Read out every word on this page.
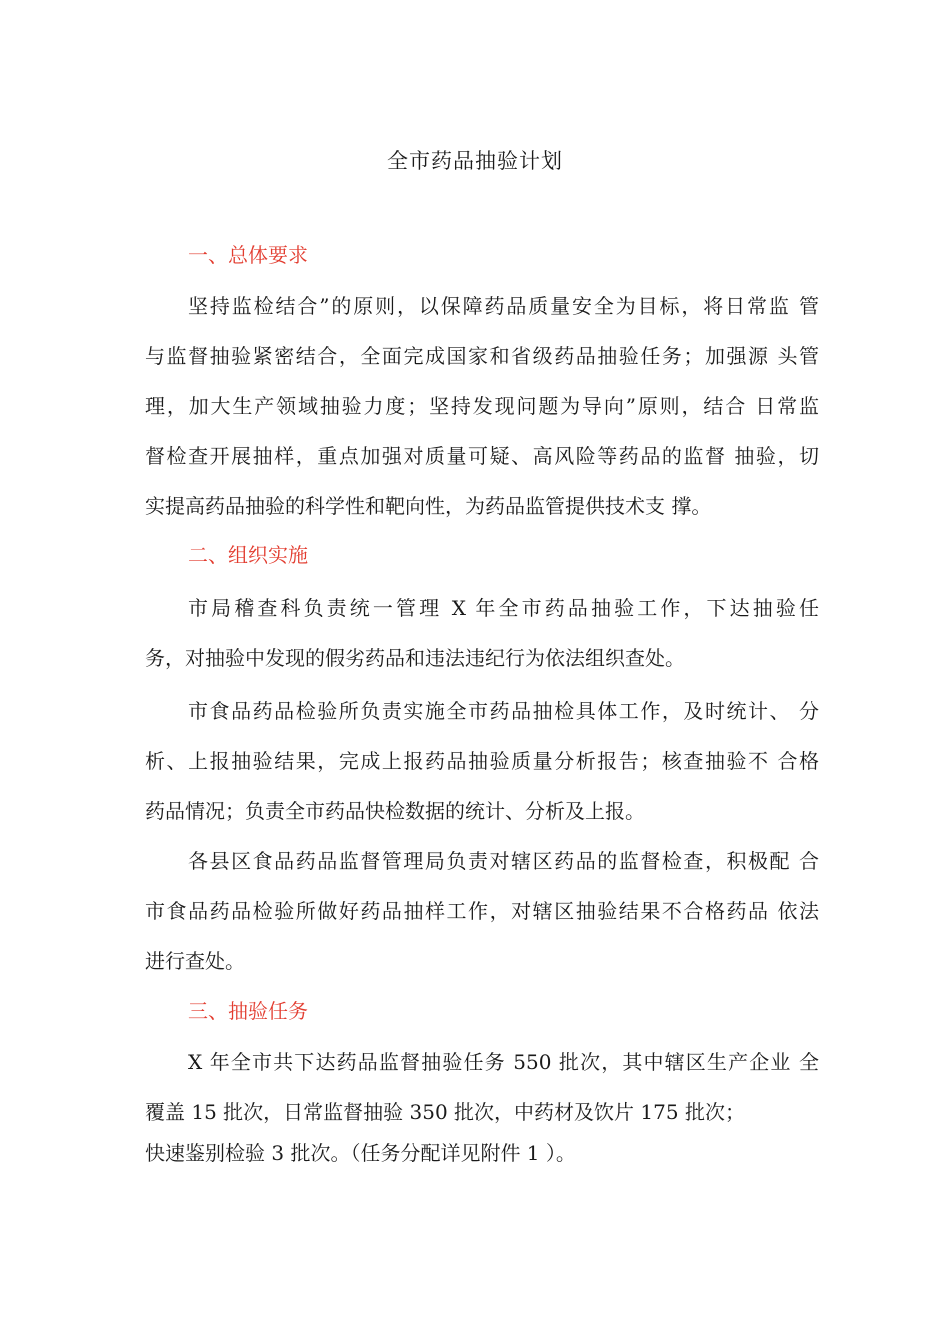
全市药品抽验计划
一、总体要求
坚持监检结合”的原则，以保障药品质量安全为目标，将日常监 管
与监督抽验紧密结合，全面完成国家和省级药品抽验任务；加强源 头管
理，加大生产领域抽验力度；坚持发现问题为导向”原则，结合 日常监
督检查开展抽样，重点加强对质量可疑、高风险等药品的监督 抽验，切
实提高药品抽验的科学性和靶向性，为药品监管提供技术支 撑。
二、组织实施
市局稽查科负责统一管理 X 年全市药品抽验工作，下达抽验任
务，对抽验中发现的假劣药品和违法违纪行为依法组织查处。
市食品药品检验所负责实施全市药品抽检具体工作，及时统计、 分
析、上报抽验结果，完成上报药品抽验质量分析报告；核查抽验不 合格
药品情况；负责全市药品快检数据的统计、分析及上报。
各县区食品药品监督管理局负责对辖区药品的监督检查，积极配 合
市食品药品检验所做好药品抽样工作，对辖区抽验结果不合格药品 依法
进行查处。
三、抽验任务
X 年全市共下达药品监督抽验任务 550 批次，其中辖区生产企业 全
覆盖 15 批次，日常监督抽验 350 批次，中药材及饮片 175 批次；
快速鉴别检验 3 批次。（任务分配详见附件 1 ）。
